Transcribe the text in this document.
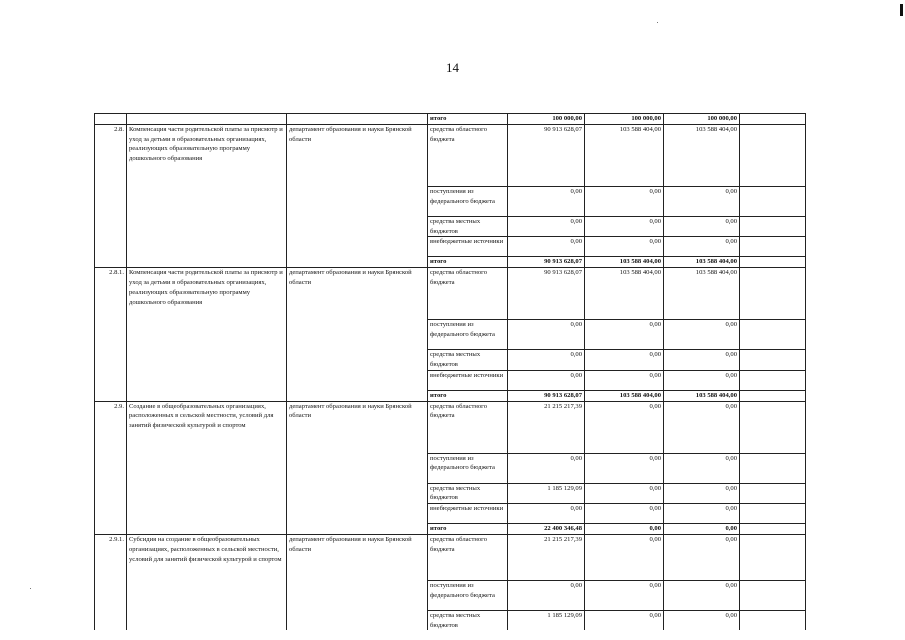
14
			итого	100 000,00	100 000,00	100 000,00	
2.8.	Компенсация части родительской платы за присмотр и уход за детьми в образовательных организациях, реализующих образовательную программу дошкольного образования	департамент образования и науки Брянской области	средства областного бюджета	90 913 628,07	103 588 404,00	103 588 404,00	
			поступления из федерального бюджета	0,00	0,00	0,00	
			средства местных бюджетов	0,00	0,00	0,00	
			внебюджетные источники	0,00	0,00	0,00	
			итого	90 913 628,07	103 588 404,00	103 588 404,00	
2.8.1.	Компенсация части родительской платы за присмотр и уход за детьми в образовательных организациях, реализующих образовательную программу дошкольного образования	департамент образования и науки Брянской области	средства областного бюджета	90 913 628,07	103 588 404,00	103 588 404,00	
			поступления из федерального бюджета	0,00	0,00	0,00	
			средства местных бюджетов	0,00	0,00	0,00	
			внебюджетные источники	0,00	0,00	0,00	
			итого	90 913 628,07	103 588 404,00	103 588 404,00	
2.9.	Создание в общеобразовательных организациях, расположенных в сельской местности, условий для занятий физической культурой и спортом	департамент образования и науки Брянской области	средства областного бюджета	21 215 217,39	0,00	0,00	
			поступления из федерального бюджета	0,00	0,00	0,00	
			средства местных бюджетов	1 185 129,09	0,00	0,00	
			внебюджетные источники	0,00	0,00	0,00	
			итого	22 400 346,48	0,00	0,00	
2.9.1.	Субсидия на создание в общеобразовательных организациях, расположенных в сельской местности, условий для занятий физической культурой и спортом	департамент образования и науки Брянской области	средства областного бюджета	21 215 217,39	0,00	0,00	
			поступления из федерального бюджета	0,00	0,00	0,00	
			средства местных бюджетов	1 185 129,09	0,00	0,00	
